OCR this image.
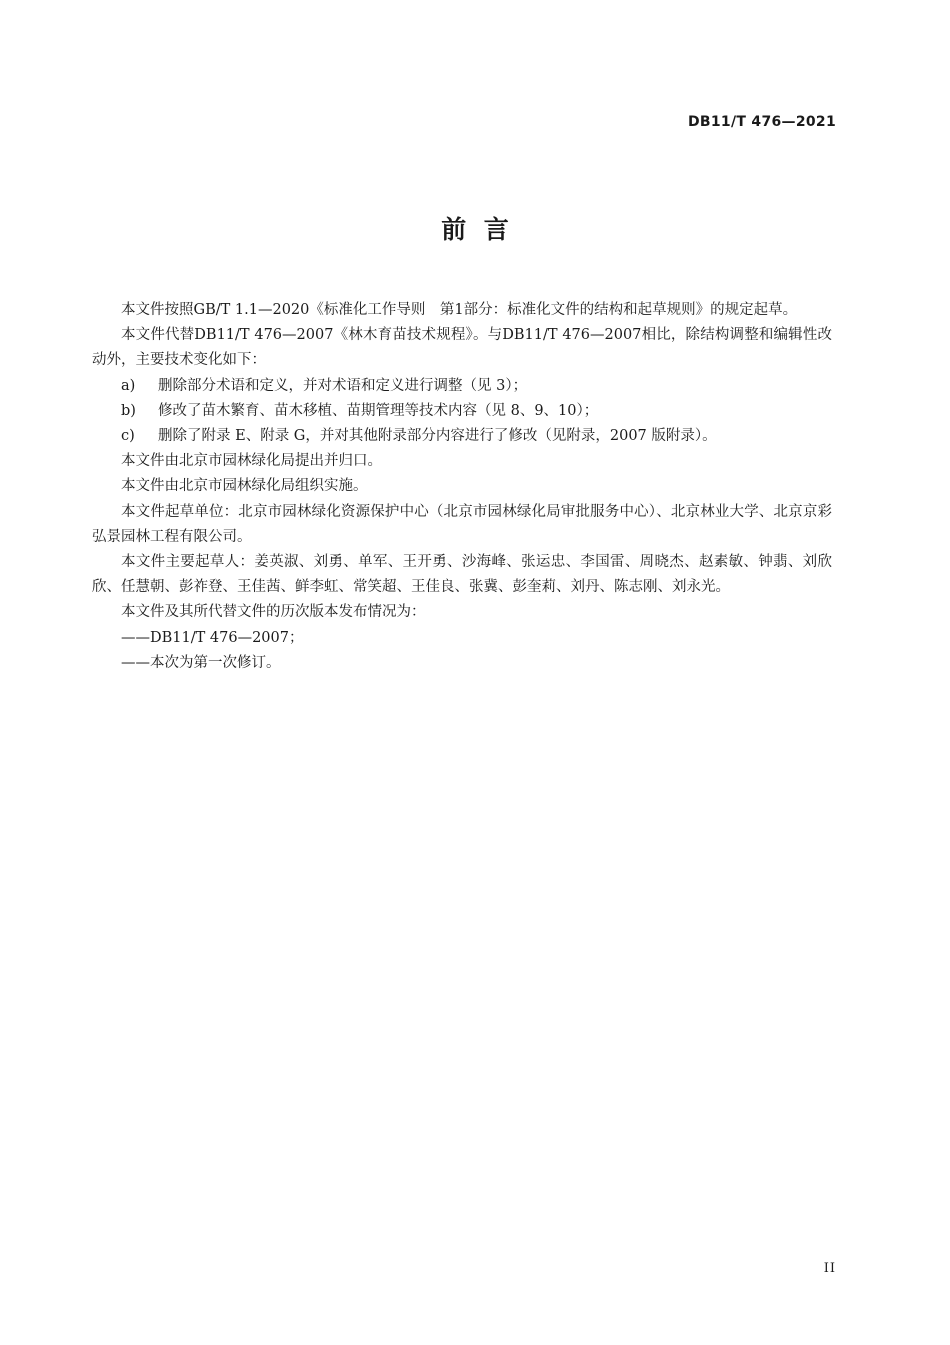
DB11/T 476—2021
前  言

本文件按照GB/T 1.1—2020《标准化工作导则　第1部分：标准化文件的结构和起草规则》的规定起草。

本文件代替DB11/T 476—2007《林木育苗技术规程》。与DB11/T 476—2007相比，除结构调整和编辑性改动外，主要技术变化如下：

a) 删除部分术语和定义，并对术语和定义进行调整（见 3）；

b) 修改了苗木繁育、苗木移植、苗期管理等技术内容（见 8、9、10）；

c) 删除了附录 E、附录 G，并对其他附录部分内容进行了修改（见附录，2007 版附录）。

本文件由北京市园林绿化局提出并归口。

本文件由北京市园林绿化局组织实施。

本文件起草单位：北京市园林绿化资源保护中心（北京市园林绿化局审批服务中心）、北京林业大学、北京京彩弘景园林工程有限公司。

本文件主要起草人：姜英淑、刘勇、单军、王开勇、沙海峰、张运忠、李国雷、周晓杰、赵素敏、钟翡、刘欣欣、任慧朝、彭祚登、王佳茜、鲜李虹、常笑超、王佳良、张冀、彭奎莉、刘丹、陈志刚、刘永光。

本文件及其所代替文件的历次版本发布情况为：

——DB11/T 476—2007；

——本次为第一次修订。

II
